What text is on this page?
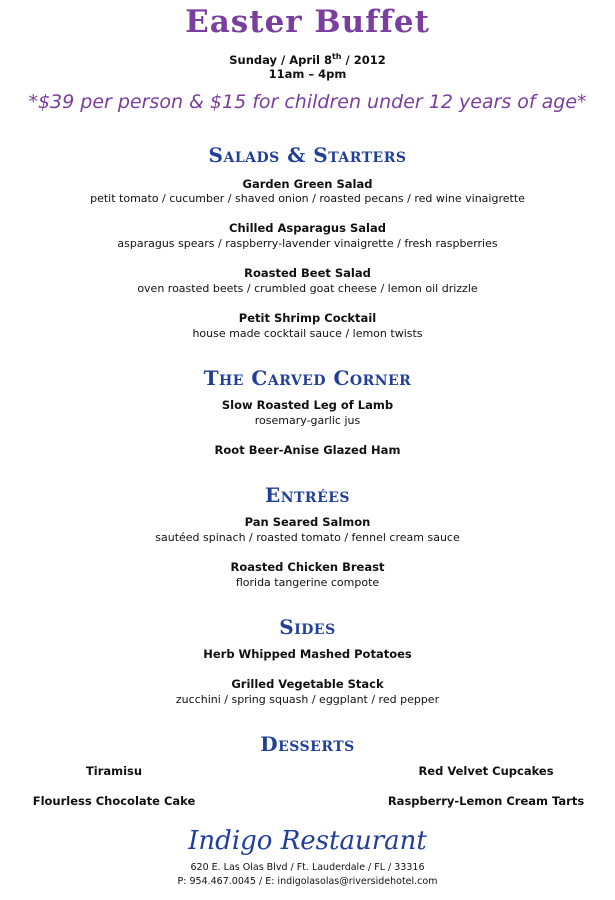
Easter Buffet
Sunday / April 8th / 2012
11am – 4pm
*$39 per person & $15 for children under 12 years of age*
Salads & Starters
Garden Green Salad
petit tomato / cucumber / shaved onion / roasted pecans / red wine vinaigrette
Chilled Asparagus Salad
asparagus spears / raspberry-lavender vinaigrette / fresh raspberries
Roasted Beet Salad
oven roasted beets / crumbled goat cheese / lemon oil drizzle
Petit Shrimp Cocktail
house made cocktail sauce / lemon twists
The Carved Corner
Slow Roasted Leg of Lamb
rosemary-garlic jus
Root Beer-Anise Glazed Ham
Entrées
Pan Seared Salmon
sautéed spinach / roasted tomato / fennel cream sauce
Roasted Chicken Breast
florida tangerine compote
Sides
Herb Whipped Mashed Potatoes
Grilled Vegetable Stack
zucchini / spring squash / eggplant / red pepper
Desserts
Tiramisu	Red Velvet Cupcakes
Flourless Chocolate Cake	Raspberry-Lemon Cream Tarts
Indigo Restaurant
620 E. Las Olas Blvd / Ft. Lauderdale / FL / 33316
P: 954.467.0045 / E: indigolasolas@riversidehotel.com
